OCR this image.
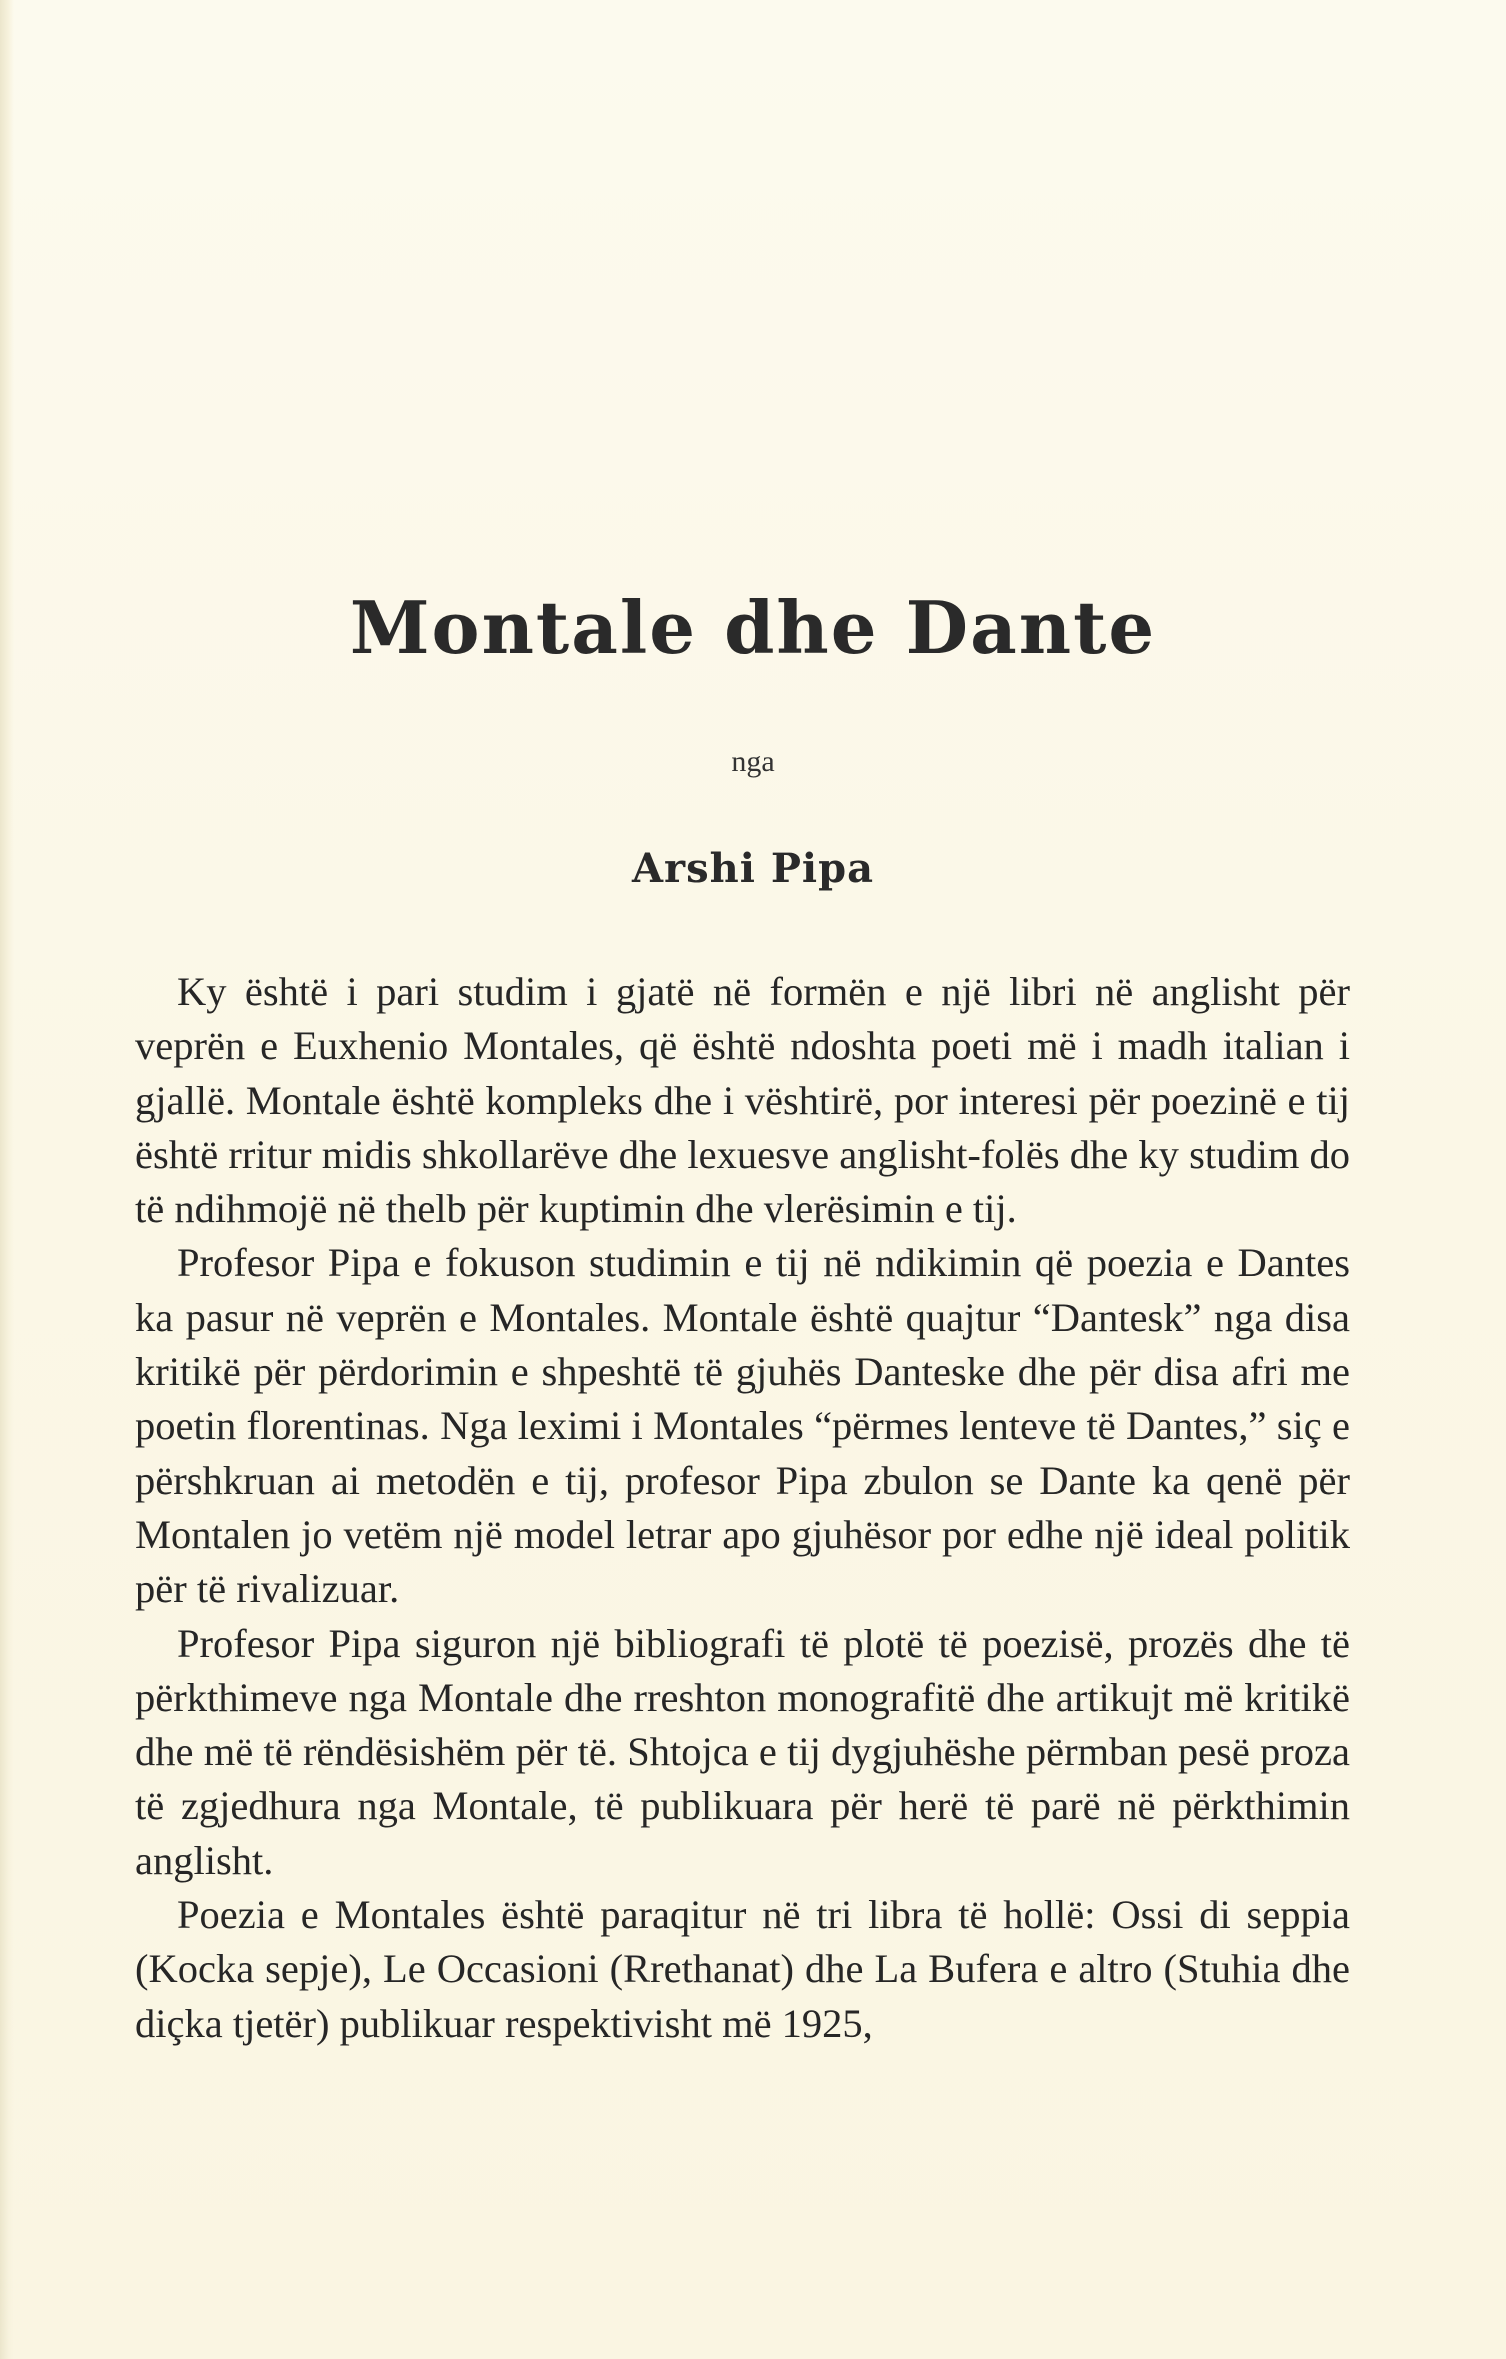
Montale dhe Dante
nga
Arshi Pipa

Ky është i pari studim i gjatë në formën e një libri në anglisht për veprën e Euxhenio Montales, që është ndoshta poeti më i madh italian i gjallë. Montale është kompleks dhe i vështirë, por interesi për poezinë e tij është rritur midis shkollarëve dhe lexuesve anglisht-folës dhe ky studim do të ndihmojë në thelb për kuptimin dhe vlerësimin e tij.

Profesor Pipa e fokuson studimin e tij në ndikimin që poezia e Dantes ka pasur në veprën e Montales. Montale është quajtur “Dantesk” nga disa kritikë për përdorimin e shpeshtë të gjuhës Danteske dhe për disa afri me poetin florentinas. Nga leximi i Montales “përmes lenteve të Dantes,” siç e përshkruan ai metodën e tij, profesor Pipa zbulon se Dante ka qenë për Montalen jo vetëm një model letrar apo gjuhësor por edhe një ideal politik për të rivalizuar.

Profesor Pipa siguron një bibliografi të plotë të poezisë, prozës dhe të përkthimeve nga Montale dhe rreshton monografitë dhe artikujt më kritikë dhe më të rëndësishëm për të. Shtojca e tij dygjuhëshe përmban pesë proza të zgjedhura nga Montale, të publikuara për herë të parë në përkthimin anglisht.

Poezia e Montales është paraqitur në tri libra të hollë: Ossi di seppia (Kocka sepje), Le Occasioni (Rrethanat) dhe La Bufera e altro (Stuhia dhe diçka tjetër) publikuar respektivisht më 1925,
